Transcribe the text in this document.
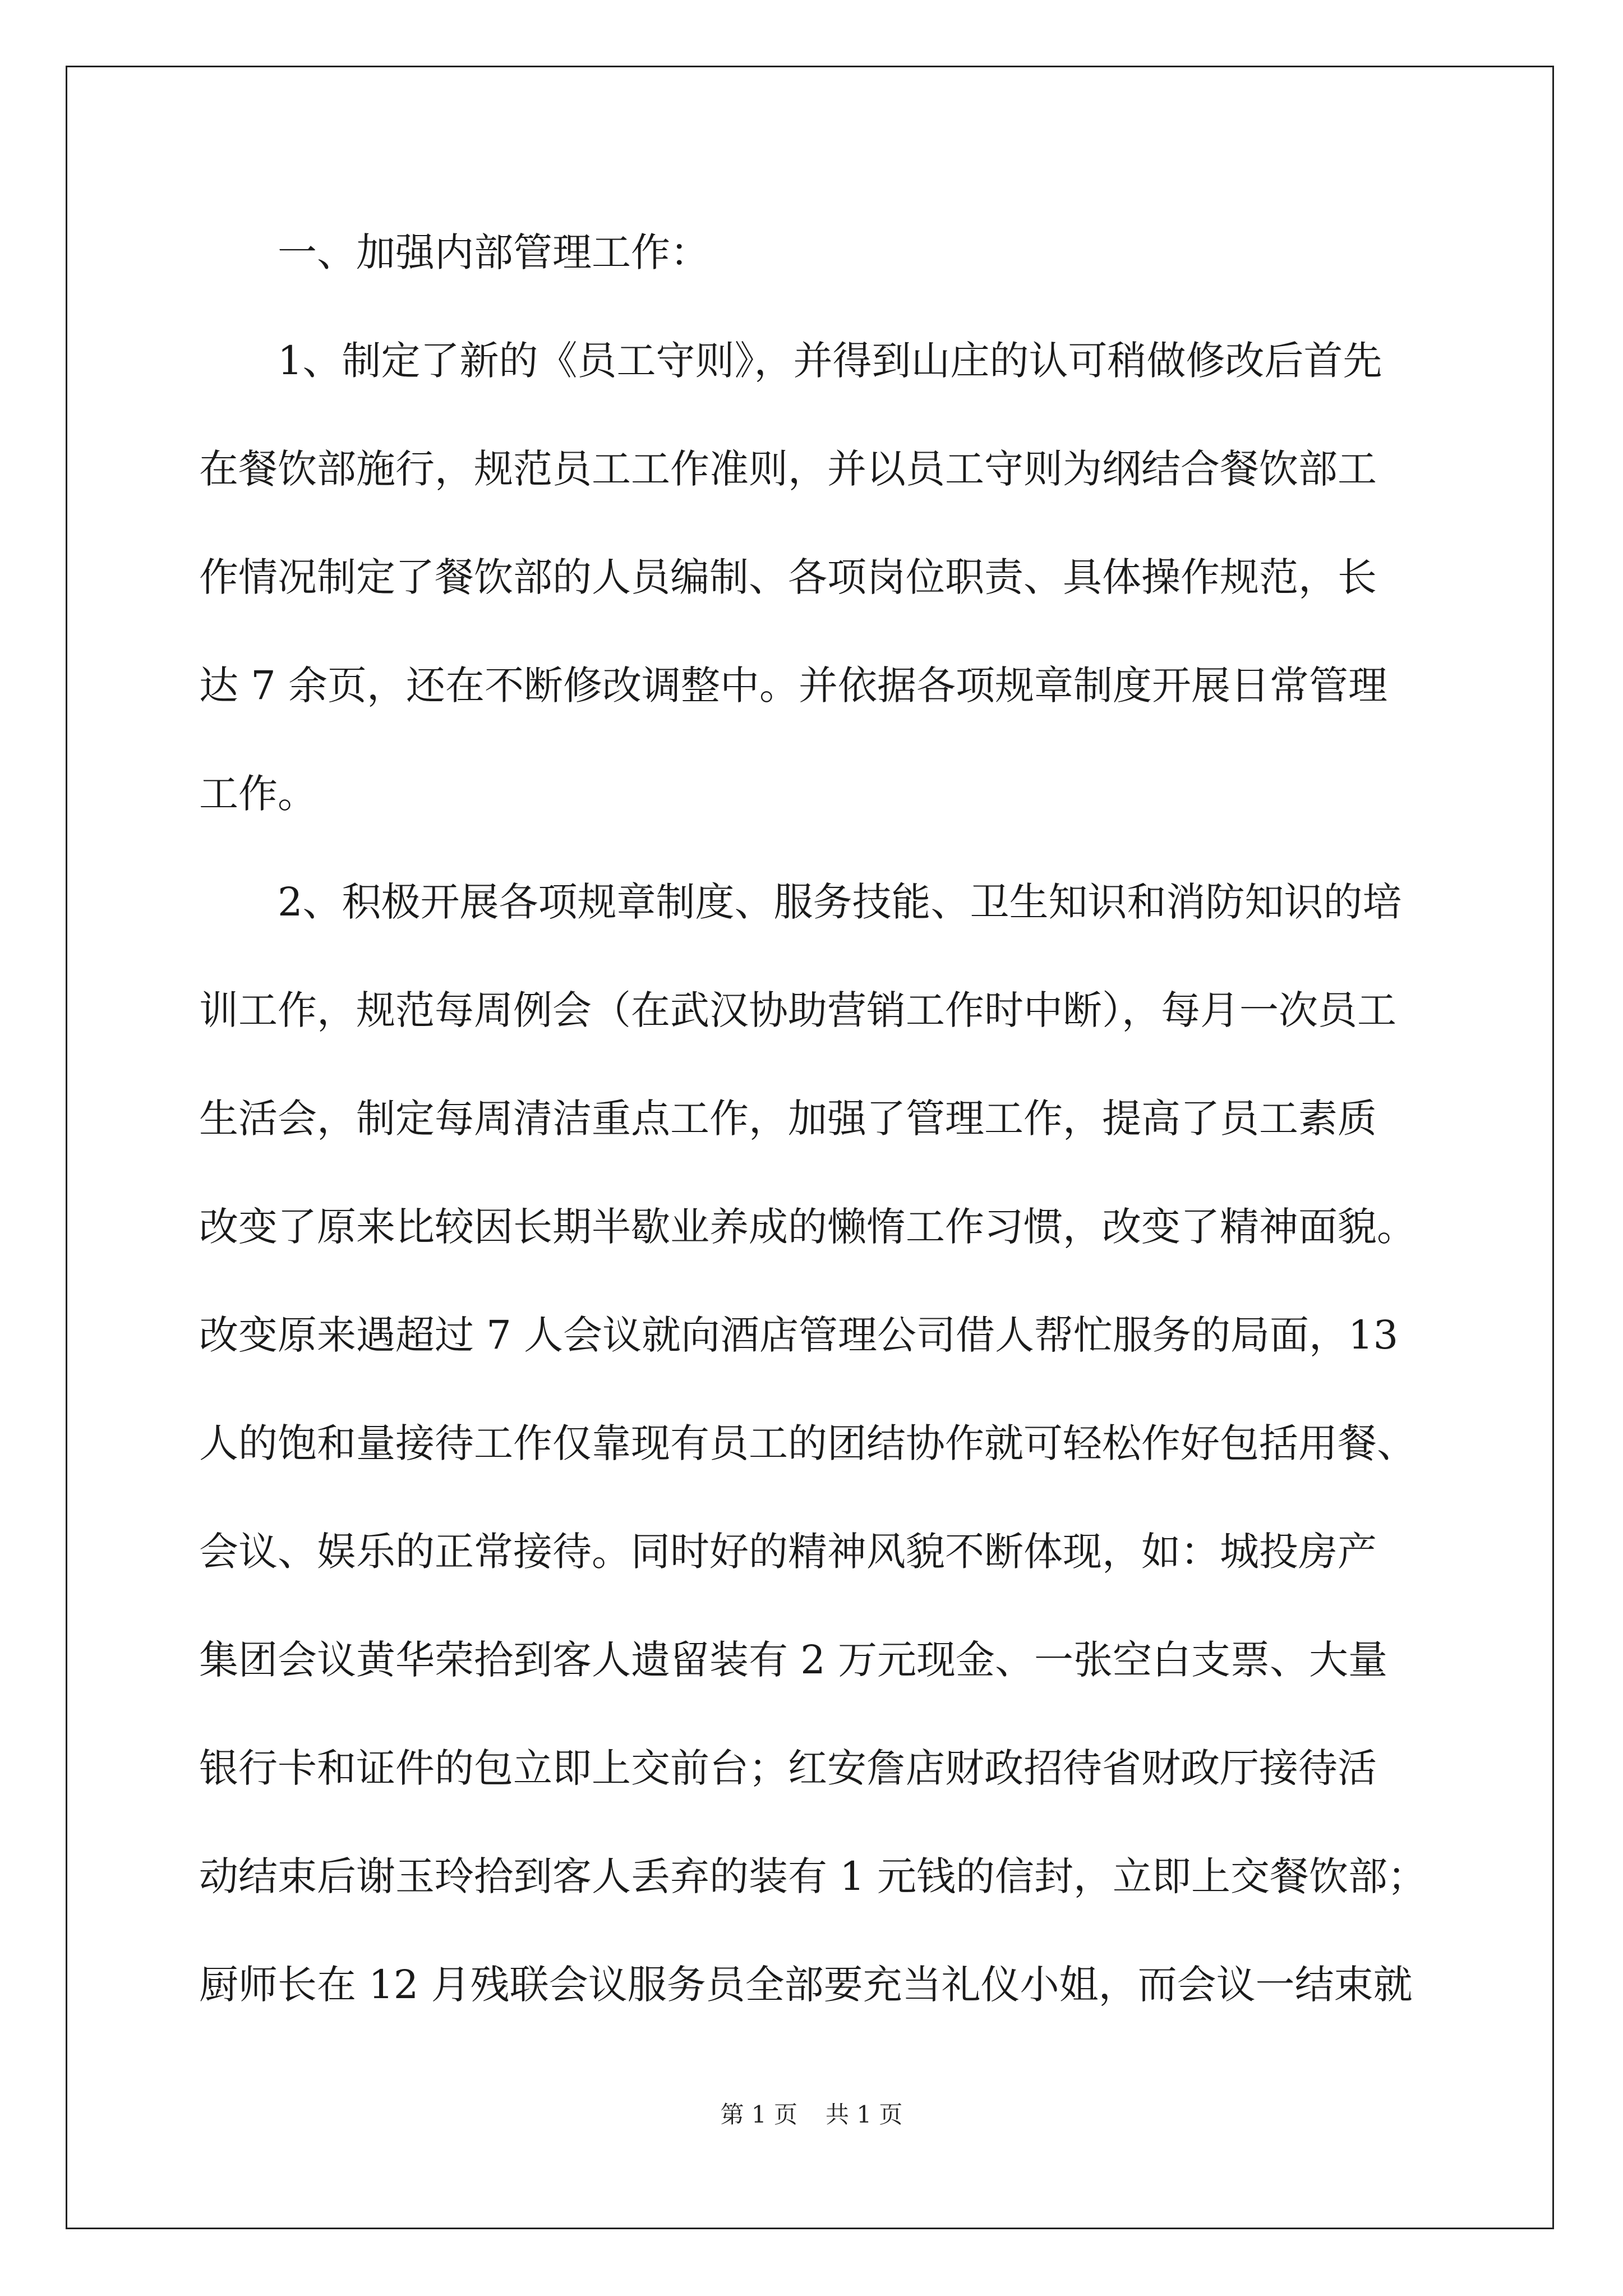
一、加强内部管理工作：
1、制定了新的《员工守则》，并得到山庄的认可稍做修改后首先
在餐饮部施行，规范员工工作准则，并以员工守则为纲结合餐饮部工
作情况制定了餐饮部的人员编制、各项岗位职责、具体操作规范，长
达 7 余页，还在不断修改调整中。并依据各项规章制度开展日常管理
工作。
2、积极开展各项规章制度、服务技能、卫生知识和消防知识的培
训工作，规范每周例会（在武汉协助营销工作时中断），每月一次员工
生活会，制定每周清洁重点工作，加强了管理工作，提高了员工素质
改变了原来比较因长期半歇业养成的懒惰工作习惯，改变了精神面貌。
改变原来遇超过 7 人会议就向酒店管理公司借人帮忙服务的局面，13
人的饱和量接待工作仅靠现有员工的团结协作就可轻松作好包括用餐、
会议、娱乐的正常接待。同时好的精神风貌不断体现，如：城投房产
集团会议黄华荣拾到客人遗留装有 2 万元现金、一张空白支票、大量
银行卡和证件的包立即上交前台；红安詹店财政招待省财政厅接待活
动结束后谢玉玲拾到客人丢弃的装有 1 元钱的信封，立即上交餐饮部；
厨师长在 12 月残联会议服务员全部要充当礼仪小姐，而会议一结束就
第 1 页 共 1 页
